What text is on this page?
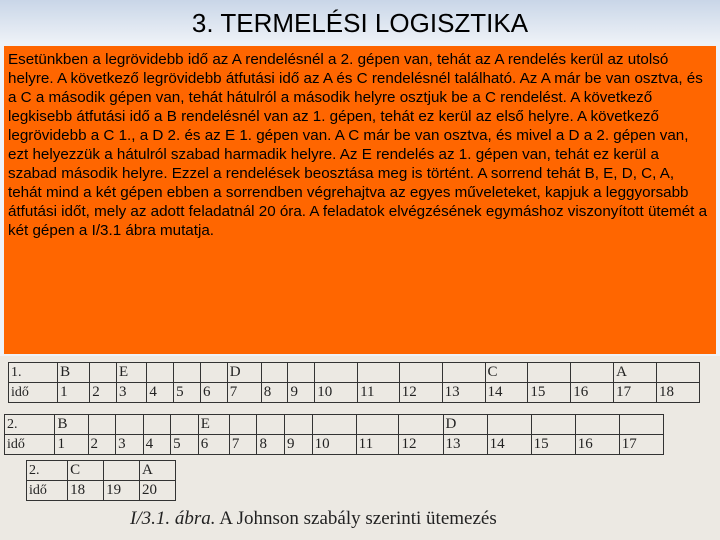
3. TERMELÉSI LOGISZTIKA

Esetünkben a legrövidebb idő az A rendelésnél a 2. gépen van, tehát az A rendelés kerül az utolsó helyre. A következő legrövidebb átfutási idő az A és C rendelésnél található. Az A már be van osztva, és a C a második gépen van, tehát hátulról a második helyre osztjuk be a C rendelést. A következő legkisebb átfutási idő a B rendelésnél van az 1. gépen, tehát ez kerül az első helyre. A következő legrövidebb a C 1., a D 2. és az E 1. gépen van. A C már be van osztva, és mivel a D a 2. gépen van, ezt helyezzük a hátulról szabad harmadik helyre. Az E rendelés az 1. gépen van, tehát ez kerül a szabad második helyre. Ezzel a rendelések beosztása meg is történt. A sorrend tehát B, E, D, C, A, tehát mind a két gépen ebben a sorrendben végrehajtva az egyes műveleteket, kapjuk a leggyorsabb átfutási időt, mely az adott feladatnál 20 óra. A feladatok elvégzésének egymáshoz viszonyított ütemét a két gépen a I/3.1 ábra mutatja.

1.	B		E				D							C			A	
idő	1	2	3	4	5	6	7	8	9	10	11	12	13	14	15	16	17	18
2.	B					E							D				
idő	1	2	3	4	5	6	7	8	9	10	11	12	13	14	15	16	17
2.	C		A
idő	18	19	20
I/3.1. ábra. A Johnson szabály szerinti ütemezés
